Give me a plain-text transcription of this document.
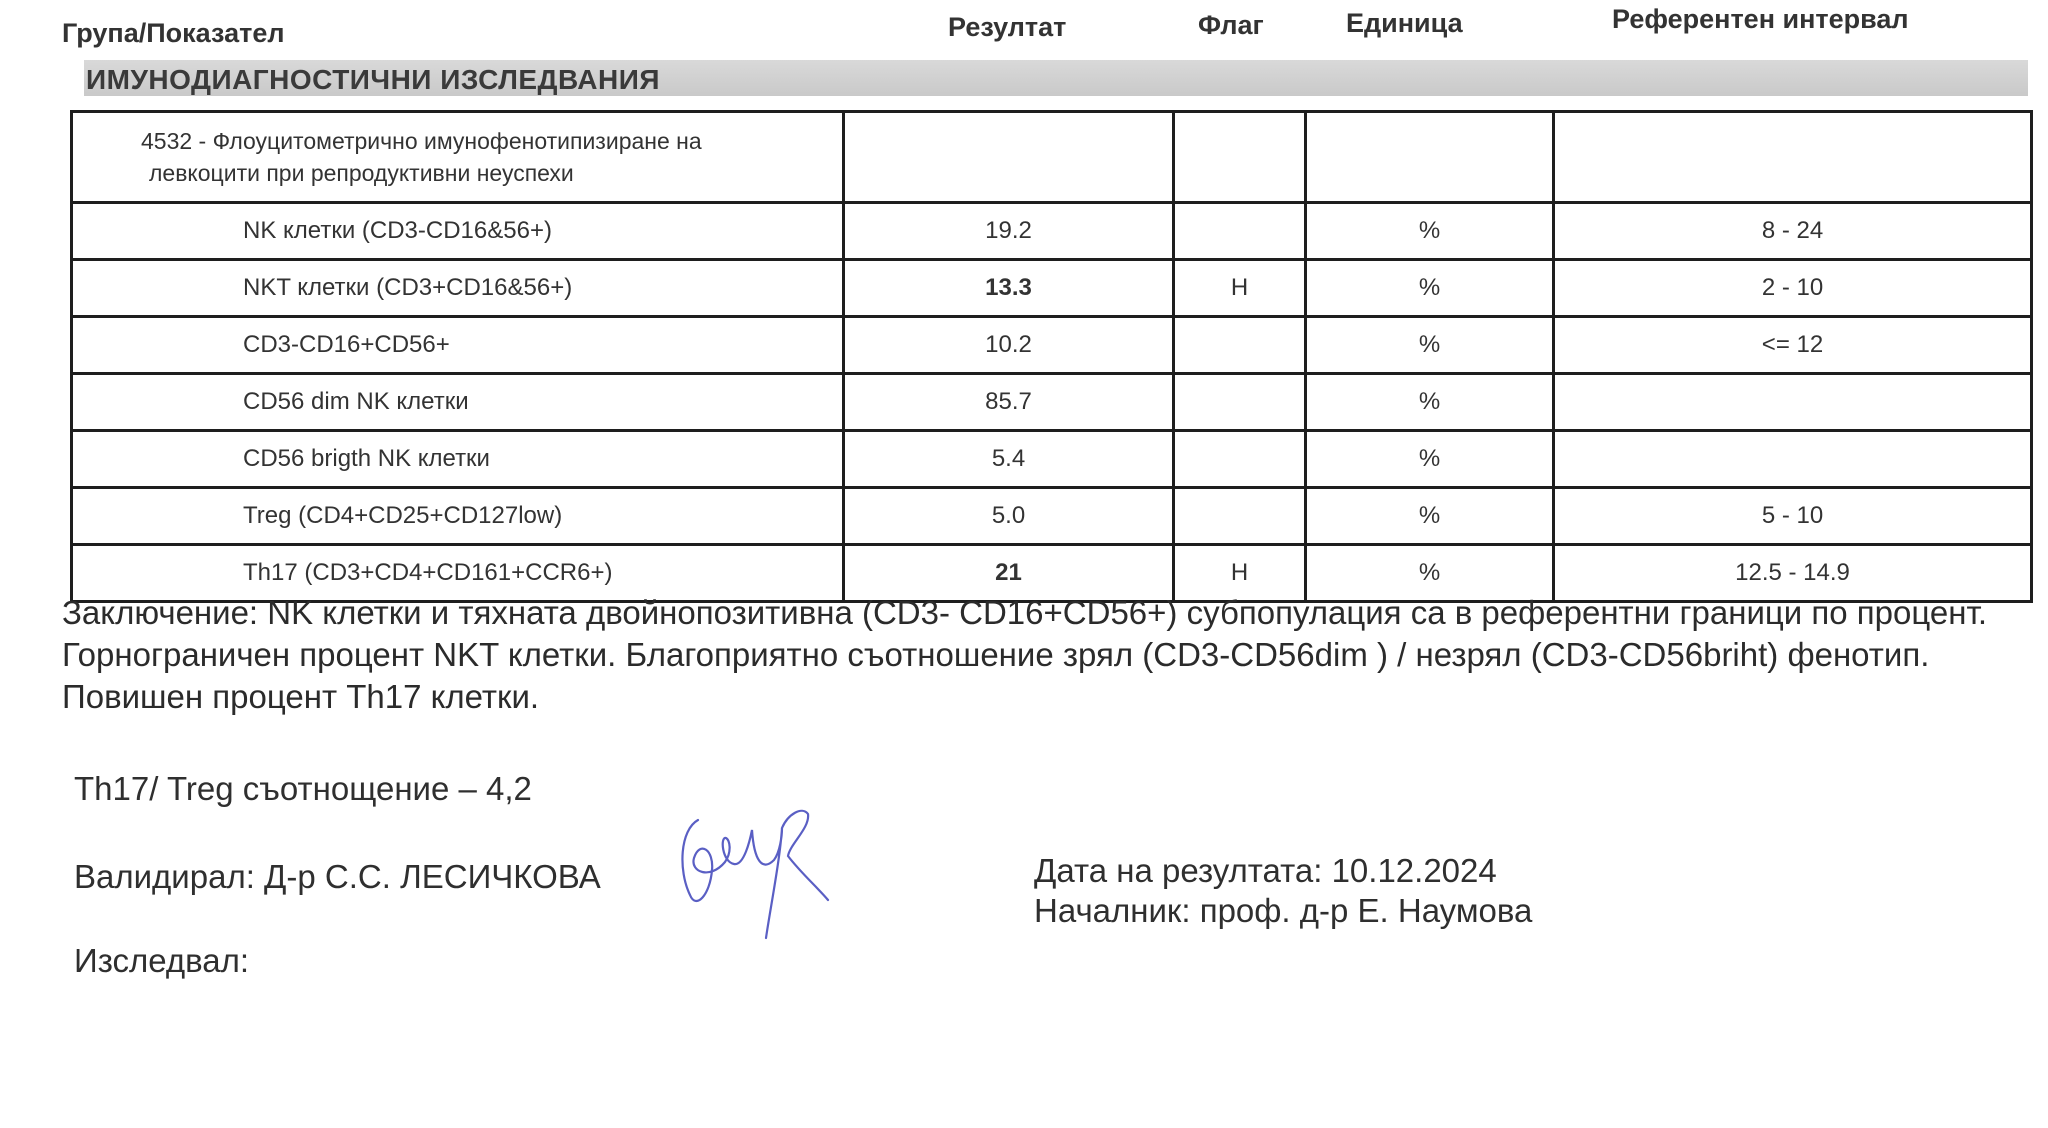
Група/Показател	Резултат	Флаг	Единица	Референтен интервал
ИМУНОДИАГНОСТИЧНИ ИЗСЛЕДВАНИЯ
4532 - Флоуцитометрично имунофенотипизиране на
левкоцити при репродуктивни неуспехи				

NK клетки (CD3-CD16&56+)	19.2		%	8 - 24
NKT клетки (CD3+CD16&56+)	13.3	H	%	2 - 10
CD3-CD16+CD56+	10.2		%	<= 12
CD56 dim NK клетки	85.7		%	
CD56 brigth NK клетки	5.4		%	
Treg (CD4+CD25+CD127low)	5.0		%	5 - 10
Th17 (CD3+CD4+CD161+CCR6+)	21	H	%	12.5 - 14.9
Заключение: NK клетки и тяхната двойнопозитивна (CD3- CD16+CD56+) субпопулация са в референтни граници по процент. Горнограничен процент NKT клетки. Благоприятно съотношение зрял (CD3-CD56dim ) / незрял (CD3-CD56briht) фенотип. Повишен процент Th17 клетки.
Th17/ Treg съотнощение – 4,2
Валидирал: Д-р С.С. ЛЕСИЧКОВА
Изследвал:
Дата на резултата: 10.12.2024
Началник: проф. д-р Е. Наумова
